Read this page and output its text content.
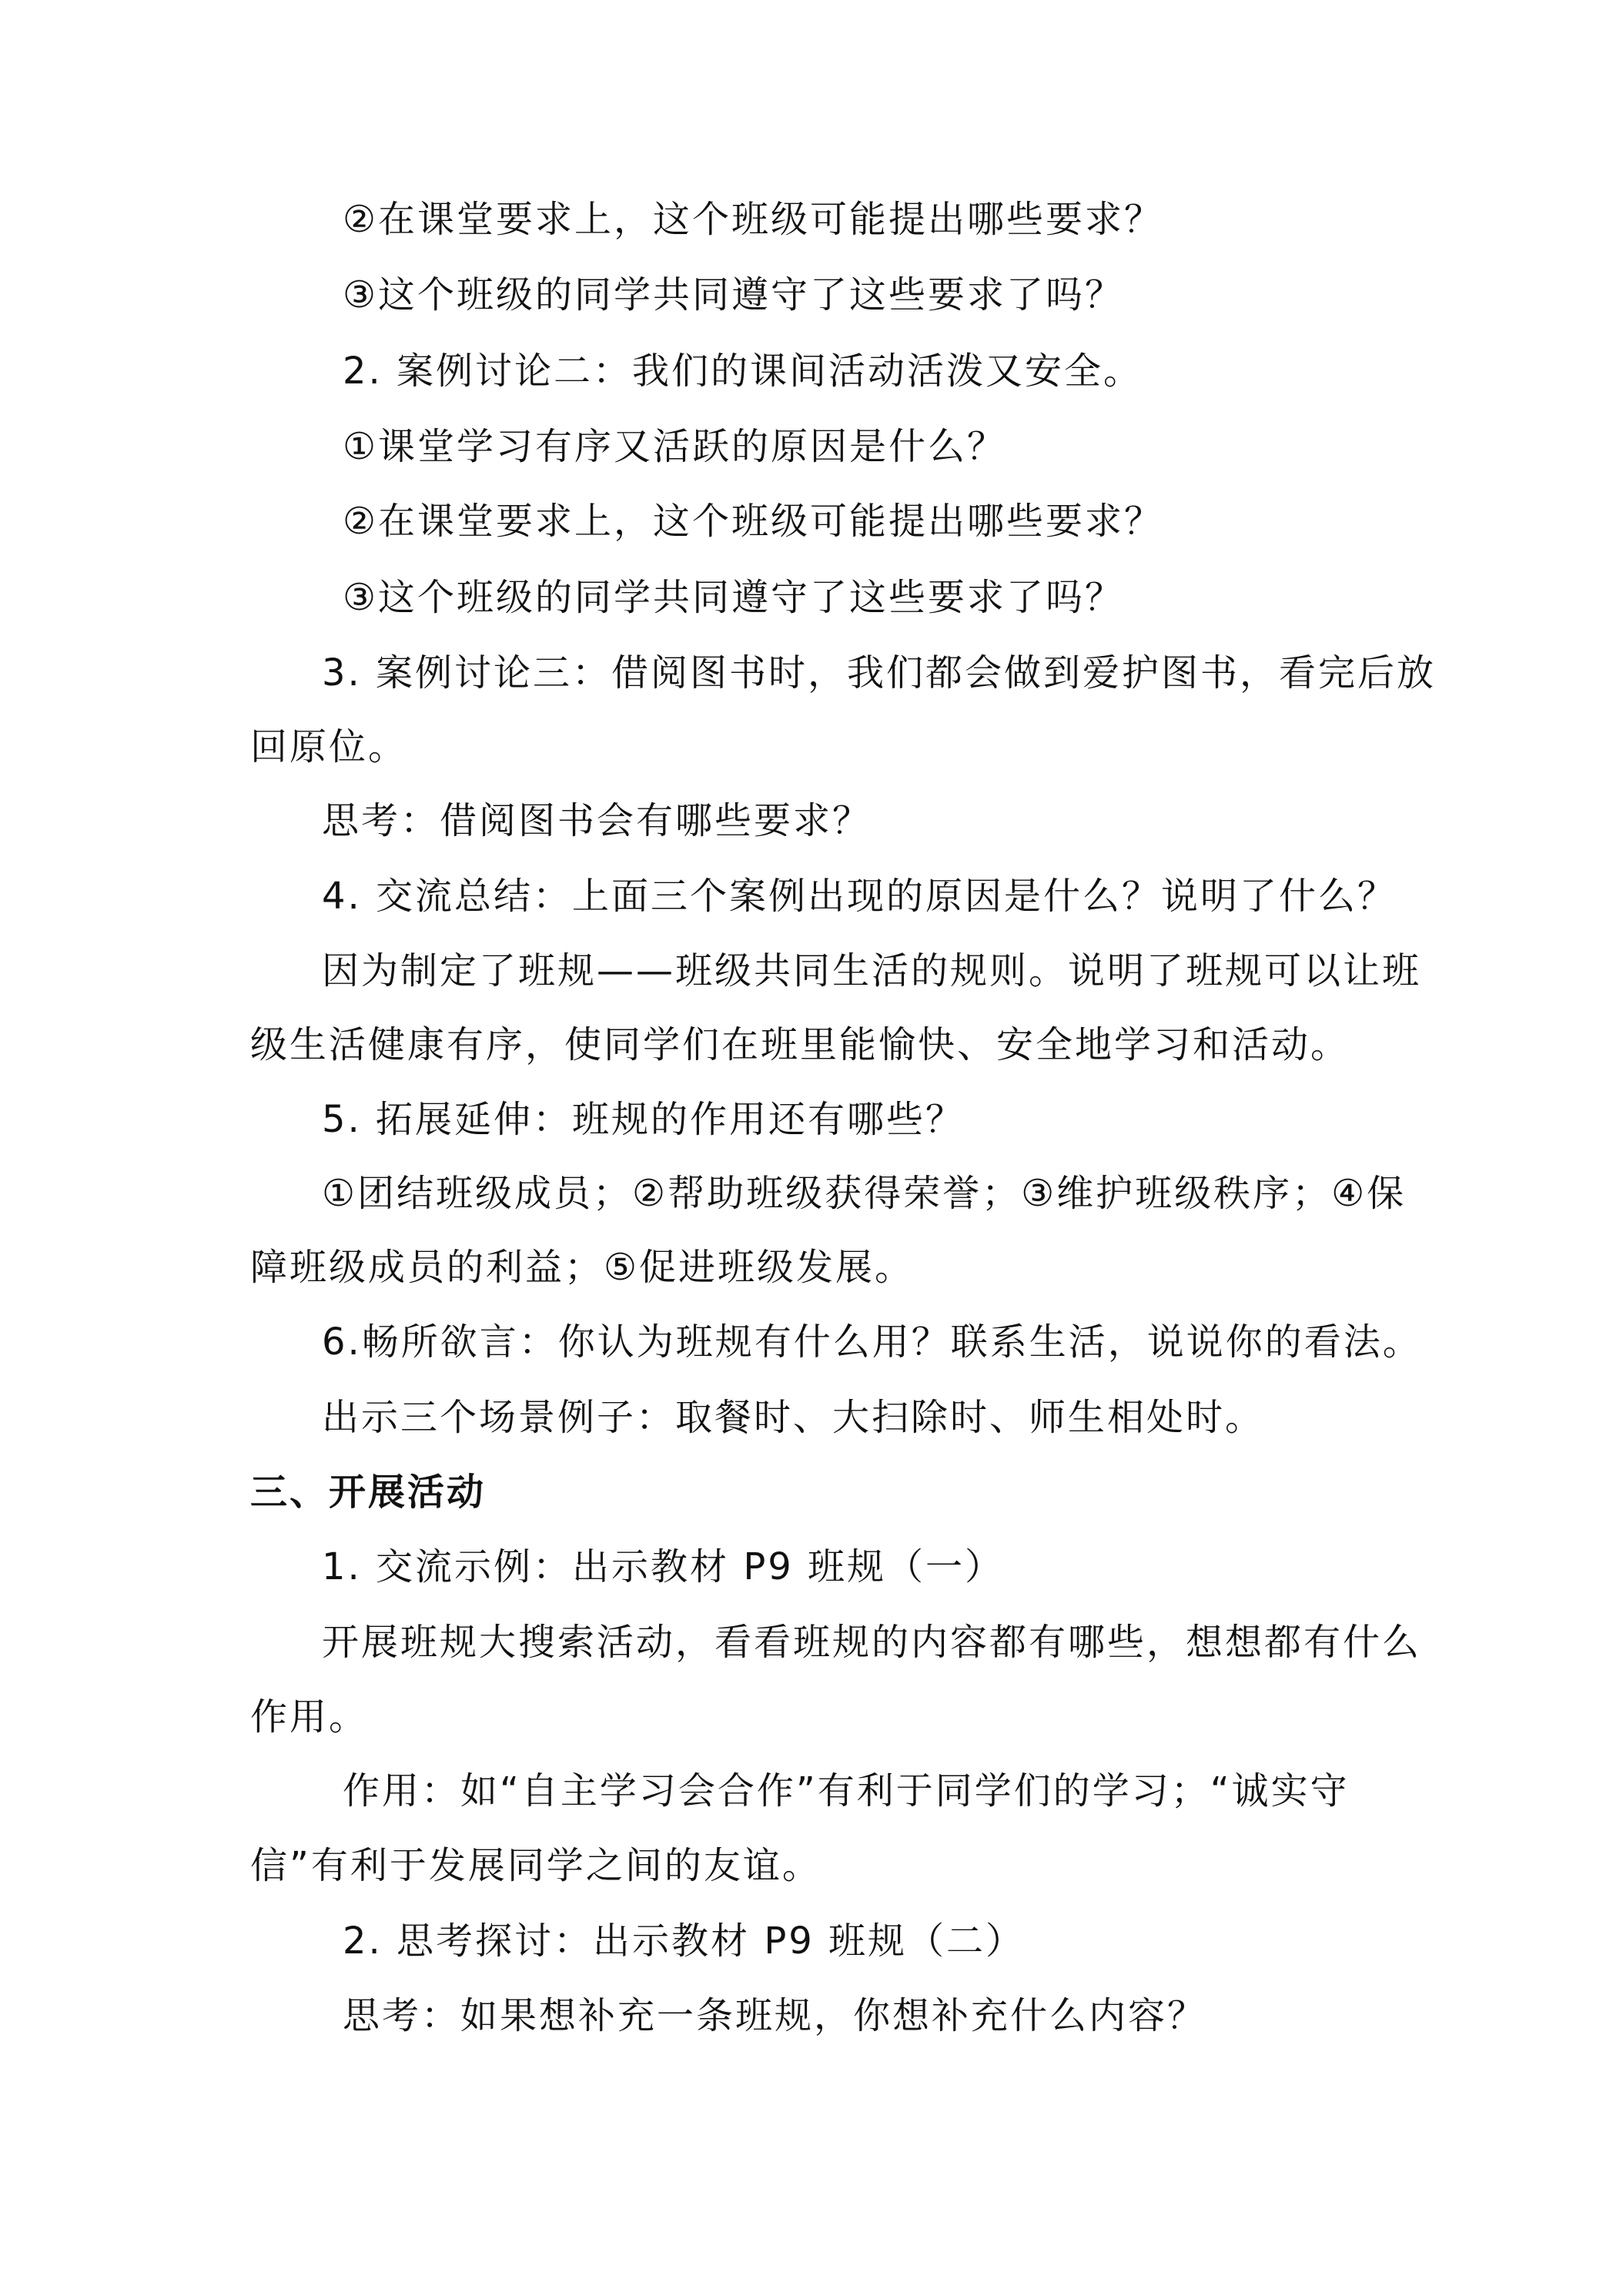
②在课堂要求上，这个班级可能提出哪些要求？
③这个班级的同学共同遵守了这些要求了吗？
2. 案例讨论二：我们的课间活动活泼又安全。
①课堂学习有序又活跃的原因是什么？
②在课堂要求上，这个班级可能提出哪些要求？
③这个班级的同学共同遵守了这些要求了吗？
3. 案例讨论三：借阅图书时，我们都会做到爱护图书，看完后放
回原位。
思考：借阅图书会有哪些要求？
4. 交流总结：上面三个案例出现的原因是什么？说明了什么？
因为制定了班规——班级共同生活的规则。说明了班规可以让班
级生活健康有序，使同学们在班里能愉快、安全地学习和活动。
5. 拓展延伸：班规的作用还有哪些？
①团结班级成员；②帮助班级获得荣誉；③维护班级秩序；④保
障班级成员的利益；⑤促进班级发展。
6.畅所欲言：你认为班规有什么用？联系生活，说说你的看法。
出示三个场景例子：取餐时、大扫除时、师生相处时。
三、开展活动
1. 交流示例：出示教材 P9 班规（一）
开展班规大搜索活动，看看班规的内容都有哪些，想想都有什么
作用。
作用：如“自主学习会合作”有利于同学们的学习；“诚实守
信”有利于发展同学之间的友谊。
2. 思考探讨：出示教材 P9 班规（二）
思考：如果想补充一条班规，你想补充什么内容？
